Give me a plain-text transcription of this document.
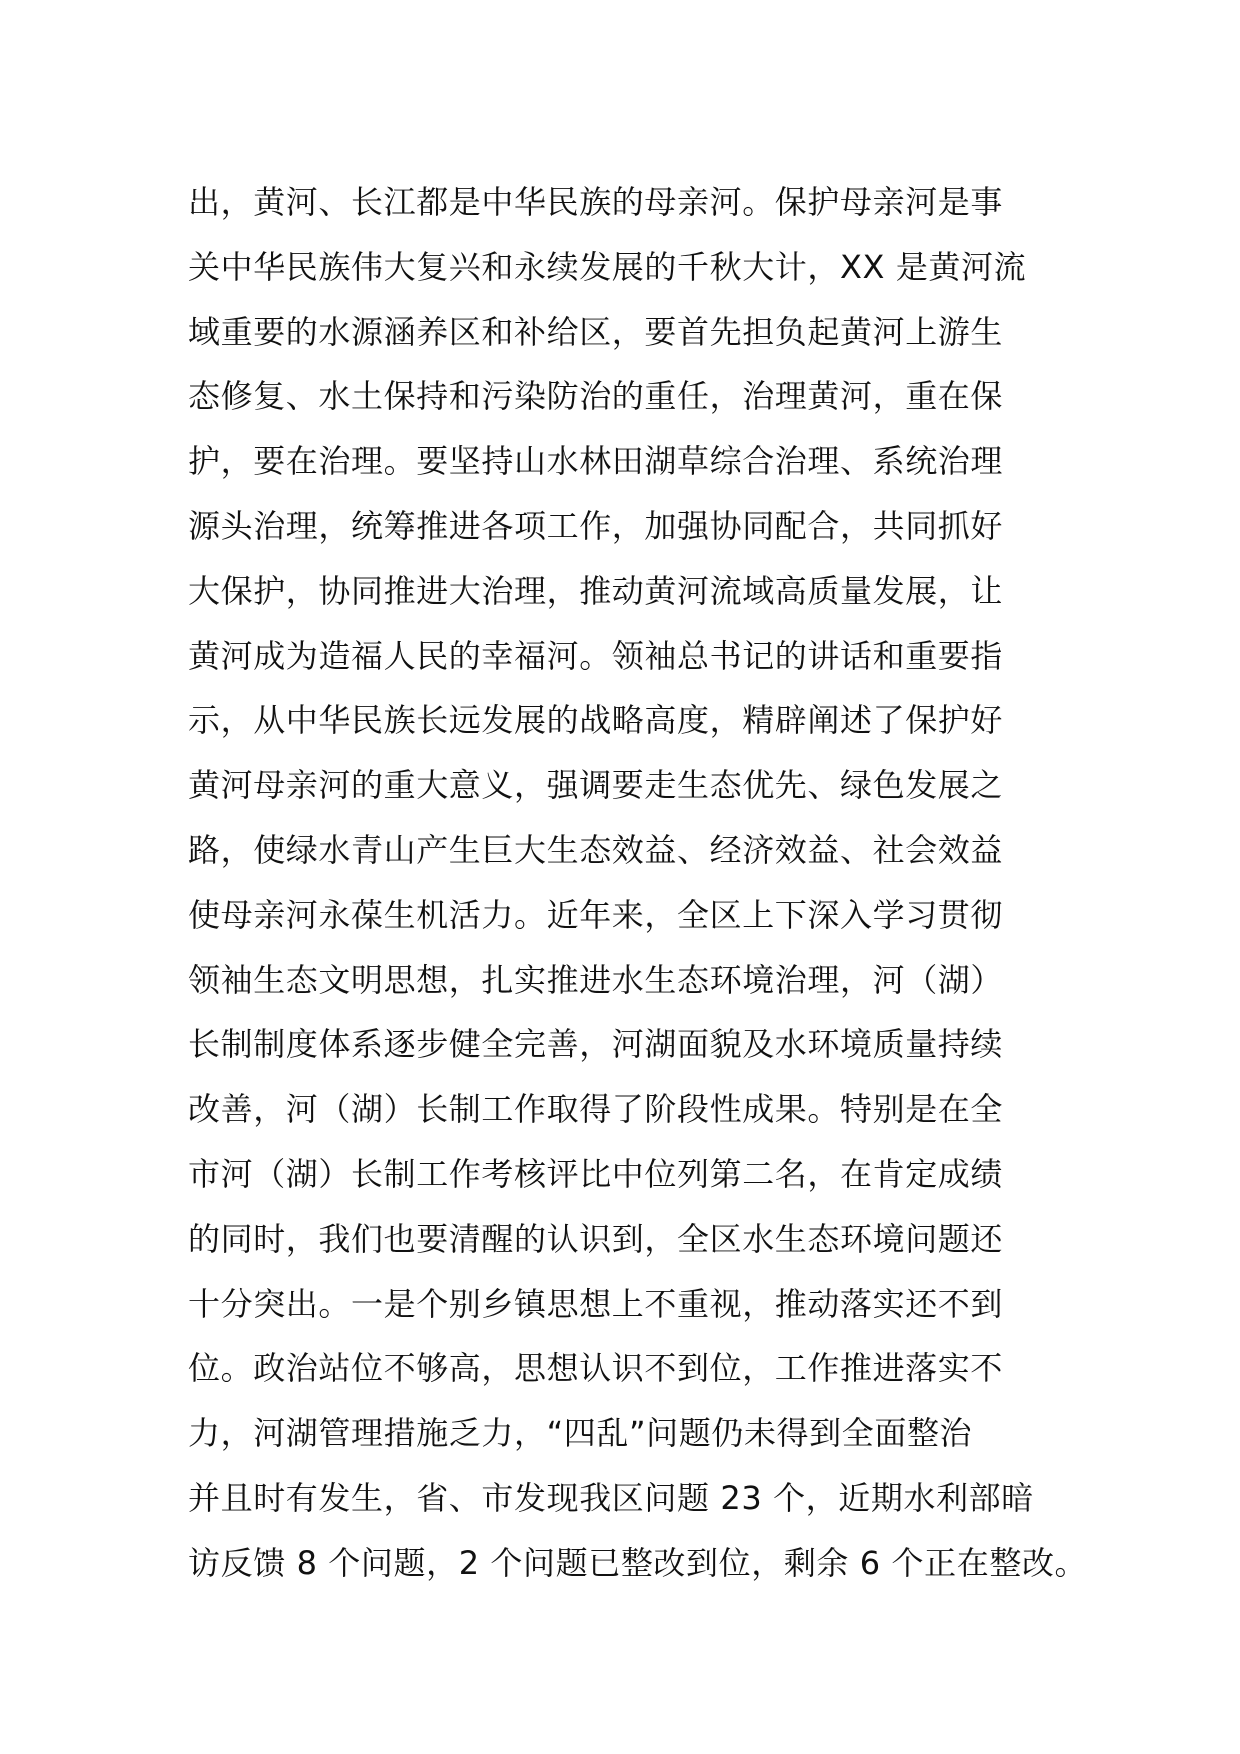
出，黄河、长江都是中华民族的母亲河。保护母亲河是事
关中华民族伟大复兴和永续发展的千秋大计，XX 是黄河流
域重要的水源涵养区和补给区，要首先担负起黄河上游生
态修复、水土保持和污染防治的重任，治理黄河，重在保
护，要在治理。要坚持山水林田湖草综合治理、系统治理
源头治理，统筹推进各项工作，加强协同配合，共同抓好
大保护，协同推进大治理，推动黄河流域高质量发展，让
黄河成为造福人民的幸福河。领袖总书记的讲话和重要指
示，从中华民族长远发展的战略高度，精辟阐述了保护好
黄河母亲河的重大意义，强调要走生态优先、绿色发展之
路，使绿水青山产生巨大生态效益、经济效益、社会效益
使母亲河永葆生机活力。近年来，全区上下深入学习贯彻
领袖生态文明思想，扎实推进水生态环境治理，河（湖）
长制制度体系逐步健全完善，河湖面貌及水环境质量持续
改善，河（湖）长制工作取得了阶段性成果。特别是在全
市河（湖）长制工作考核评比中位列第二名，在肯定成绩
的同时，我们也要清醒的认识到，全区水生态环境问题还
十分突出。一是个别乡镇思想上不重视，推动落实还不到
位。政治站位不够高，思想认识不到位，工作推进落实不
力，河湖管理措施乏力，“四乱”问题仍未得到全面整治
并且时有发生，省、市发现我区问题 23 个，近期水利部暗
访反馈 8 个问题，2 个问题已整改到位，剩余 6 个正在整改。
